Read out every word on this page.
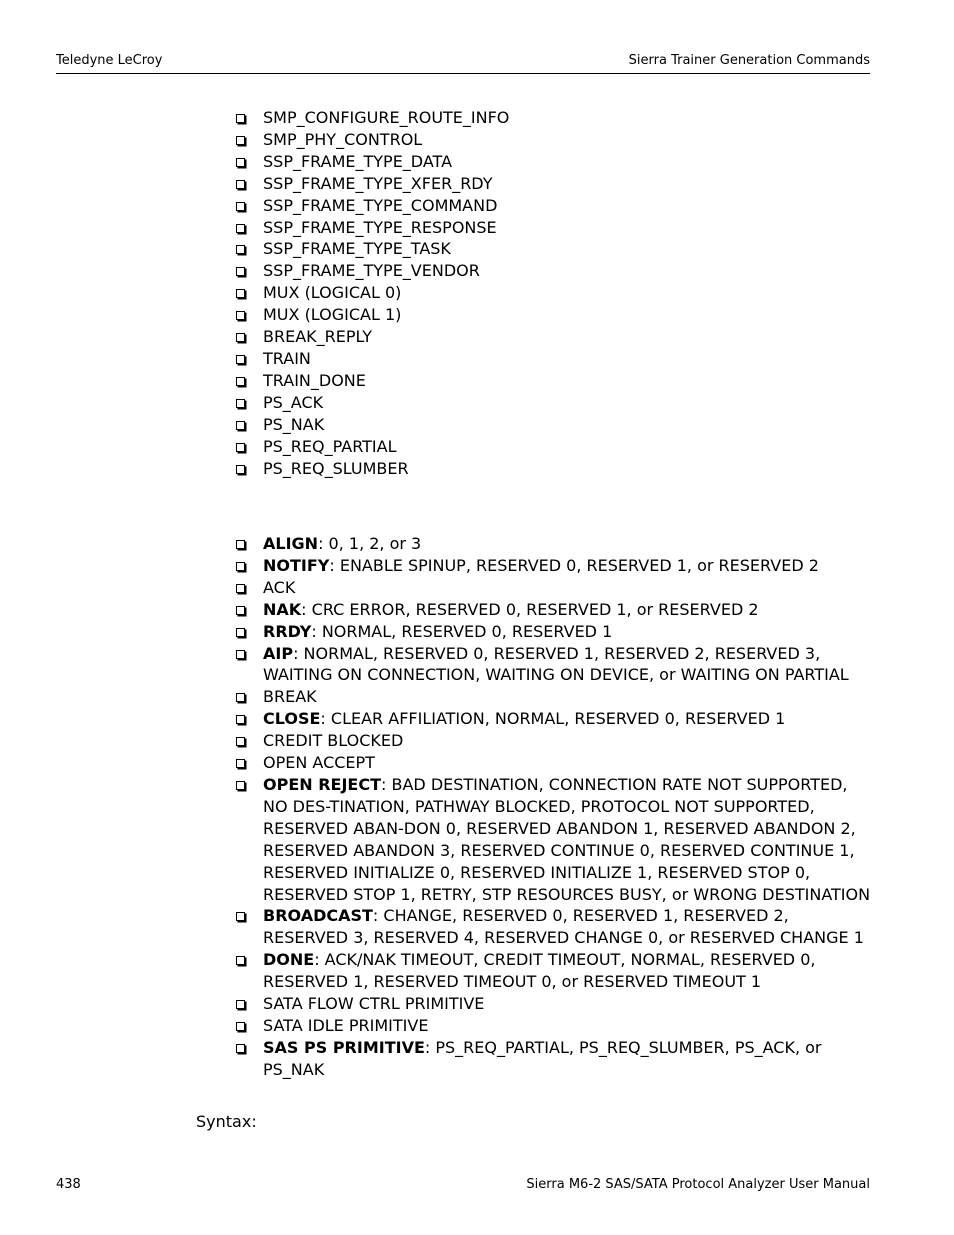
Teledyne LeCroy	Sierra Trainer Generation Commands
SMP_CONFIGURE_ROUTE_INFO
SMP_PHY_CONTROL
SSP_FRAME_TYPE_DATA
SSP_FRAME_TYPE_XFER_RDY
SSP_FRAME_TYPE_COMMAND
SSP_FRAME_TYPE_RESPONSE
SSP_FRAME_TYPE_TASK
SSP_FRAME_TYPE_VENDOR
MUX (LOGICAL 0)
MUX (LOGICAL 1)
BREAK_REPLY
TRAIN
TRAIN_DONE
PS_ACK
PS_NAK
PS_REQ_PARTIAL
PS_REQ_SLUMBER
ALIGN: 0, 1, 2, or 3
NOTIFY: ENABLE SPINUP, RESERVED 0, RESERVED 1, or RESERVED 2
ACK
NAK: CRC ERROR, RESERVED 0, RESERVED 1, or RESERVED 2
RRDY: NORMAL, RESERVED 0, RESERVED 1
AIP: NORMAL, RESERVED 0, RESERVED 1, RESERVED 2, RESERVED 3, WAITING ON CONNECTION, WAITING ON DEVICE, or WAITING ON PARTIAL
BREAK
CLOSE: CLEAR AFFILIATION, NORMAL, RESERVED 0, RESERVED 1
CREDIT BLOCKED
OPEN ACCEPT
OPEN REJECT: BAD DESTINATION, CONNECTION RATE NOT SUPPORTED, NO DES-TINATION, PATHWAY BLOCKED, PROTOCOL NOT SUPPORTED, RESERVED ABAN-DON 0, RESERVED ABANDON 1, RESERVED ABANDON 2, RESERVED ABANDON 3, RESERVED CONTINUE 0, RESERVED CONTINUE 1, RESERVED INITIALIZE 0, RESERVED INITIALIZE 1, RESERVED STOP 0, RESERVED STOP 1, RETRY, STP RESOURCES BUSY, or WRONG DESTINATION
BROADCAST: CHANGE, RESERVED 0, RESERVED 1, RESERVED 2, RESERVED 3, RESERVED 4, RESERVED CHANGE 0, or RESERVED CHANGE 1
DONE: ACK/NAK TIMEOUT, CREDIT TIMEOUT, NORMAL, RESERVED 0, RESERVED 1, RESERVED TIMEOUT 0, or RESERVED TIMEOUT 1
SATA FLOW CTRL PRIMITIVE
SATA IDLE PRIMITIVE
SAS PS PRIMITIVE: PS_REQ_PARTIAL, PS_REQ_SLUMBER, PS_ACK, or PS_NAK
Syntax:
438	Sierra M6-2 SAS/SATA Protocol Analyzer User Manual
